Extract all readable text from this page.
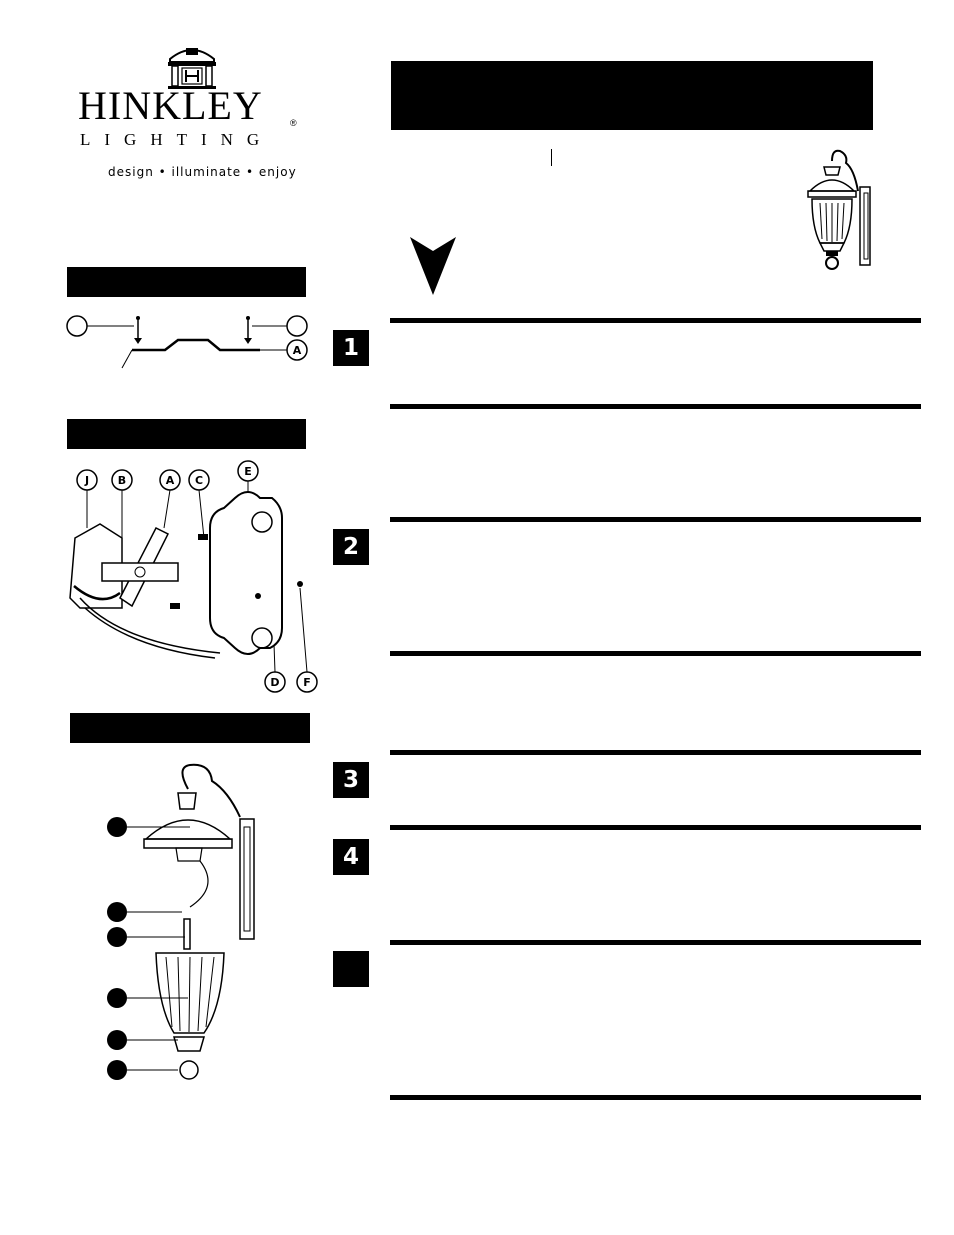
HINKLEY	®
LIGHTING
design • illuminate • enjoy
A
J	B	A C
E
D F
1
2
3
4
